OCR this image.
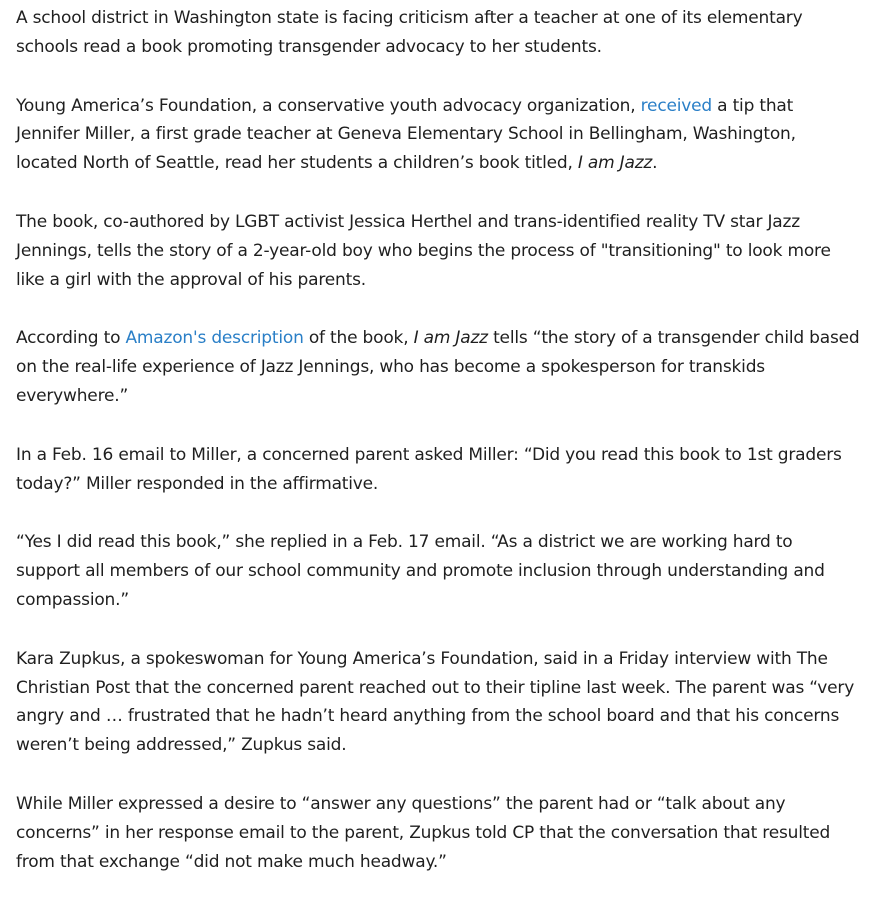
A school district in Washington state is facing criticism after a teacher at one of its elementary schools read a book promoting transgender advocacy to her students.

Young America’s Foundation, a conservative youth advocacy organization, received a tip that Jennifer Miller, a first grade teacher at Geneva Elementary School in Bellingham, Washington, located North of Seattle, read her students a children’s book titled, I am Jazz.

The book, co-authored by LGBT activist Jessica Herthel and trans-identified reality TV star Jazz Jennings, tells the story of a 2-year-old boy who begins the process of "transitioning" to look more like a girl with the approval of his parents.

According to Amazon's description of the book, I am Jazz tells “the story of a transgender child based on the real-life experience of Jazz Jennings, who has become a spokesperson for transkids everywhere.”

In a Feb. 16 email to Miller, a concerned parent asked Miller: “Did you read this book to 1st graders today?” Miller responded in the affirmative.

“Yes I did read this book,” she replied in a Feb. 17 email. “As a district we are working hard to support all members of our school community and promote inclusion through understanding and compassion.”

Kara Zupkus, a spokeswoman for Young America’s Foundation, said in a Friday interview with The Christian Post that the concerned parent reached out to their tipline last week. The parent was “very angry and … frustrated that he hadn’t heard anything from the school board and that his concerns weren’t being addressed,” Zupkus said.

While Miller expressed a desire to “answer any questions” the parent had or “talk about any concerns” in her response email to the parent, Zupkus told CP that the conversation that resulted from that exchange “did not make much headway.”
